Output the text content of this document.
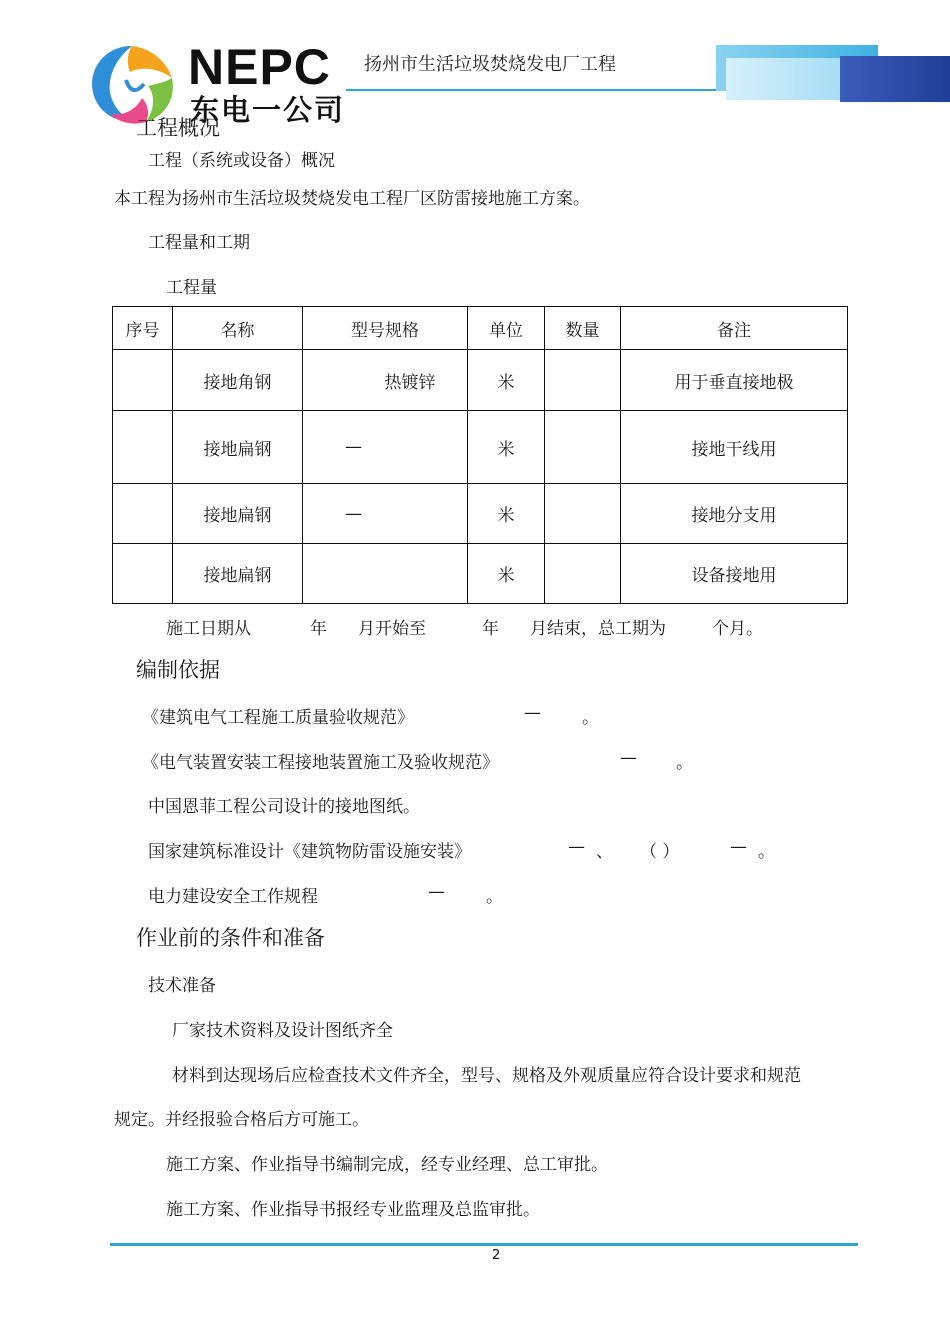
NEPC
东电一公司
扬州市生活垃圾焚烧发电厂工程
工程概况
工程（系统或设备）概况
本工程为扬州市生活垃圾焚烧发电工程厂区防雷接地施工方案。
工程量和工期
工程量
序号	名称	型号规格	单位	数量	备注
	接地角钢	热镀锌	米		用于垂直接地极
	接地扁钢	—	米		接地干线用
	接地扁钢	—	米		接地分支用
	接地扁钢		米		设备接地用
施工日期从	年 月开始至	年 月结束，总工期为	个月。
编制依据
《建筑电气工程施工质量验收规范》	— 。
《电气装置安装工程接地装置施工及验收规范》	— 。
中国恩菲工程公司设计的接地图纸。
国家建筑标准设计《建筑物防雷设施安装》	— 、 （ ）	— 。
电力建设安全工作规程	— 。
作业前的条件和准备
技术准备
厂家技术资料及设计图纸齐全
材料到达现场后应检查技术文件齐全，型号、规格及外观质量应符合设计要求和规范
规定。并经报验合格后方可施工。
施工方案、作业指导书编制完成，经专业经理、总工审批。
施工方案、作业指导书报经专业监理及总监审批。
2
